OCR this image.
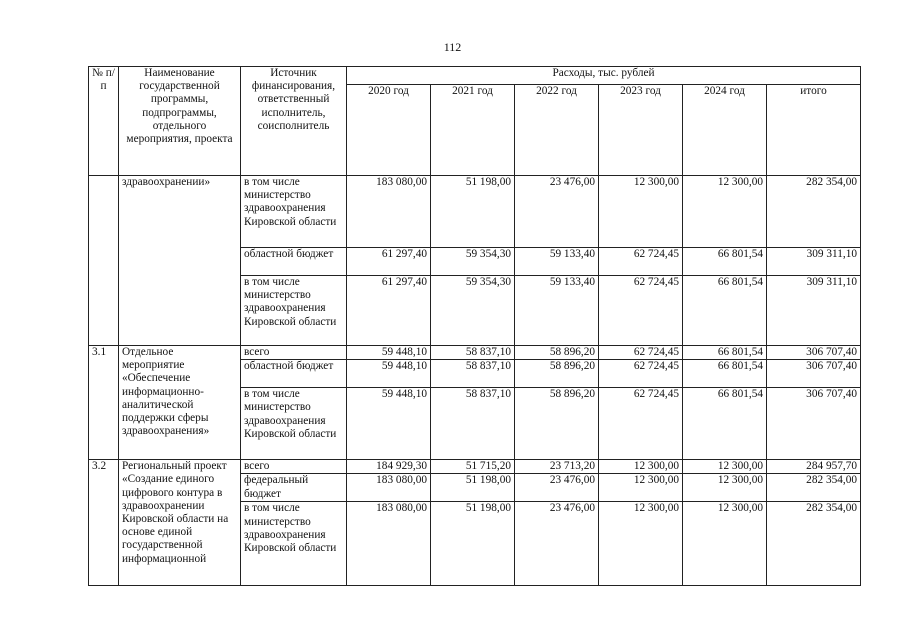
112
№ п/п	Наименование государственной программы, подпрограммы, отдельного мероприятия, проекта	Источник финансирования, ответственный исполнитель, соисполнитель	Расходы, тыс. рублей					
			2020 год	2021 год	2022 год	2023 год	2024 год	итого
	здравоохранении»	в том числе министерство здравоохранения Кировской области	183 080,00	51 198,00	23 476,00	12 300,00	12 300,00	282 354,00
		областной бюджет	61 297,40	59 354,30	59 133,40	62 724,45	66 801,54	309 311,10
		в том числе министерство здравоохранения Кировской области	61 297,40	59 354,30	59 133,40	62 724,45	66 801,54	309 311,10
3.1	Отдельное мероприятие «Обеспечение информационно-аналитической поддержки сферы здравоохранения»	всего	59 448,10	58 837,10	58 896,20	62 724,45	66 801,54	306 707,40
		областной бюджет	59 448,10	58 837,10	58 896,20	62 724,45	66 801,54	306 707,40
		в том числе министерство здравоохранения Кировской области	59 448,10	58 837,10	58 896,20	62 724,45	66 801,54	306 707,40
3.2	Региональный проект «Создание единого цифрового контура в здравоохранении Кировской области на основе единой государственной информационной	всего	184 929,30	51 715,20	23 713,20	12 300,00	12 300,00	284 957,70
		федеральный бюджет	183 080,00	51 198,00	23 476,00	12 300,00	12 300,00	282 354,00
		в том числе министерство здравоохранения Кировской области	183 080,00	51 198,00	23 476,00	12 300,00	12 300,00	282 354,00
